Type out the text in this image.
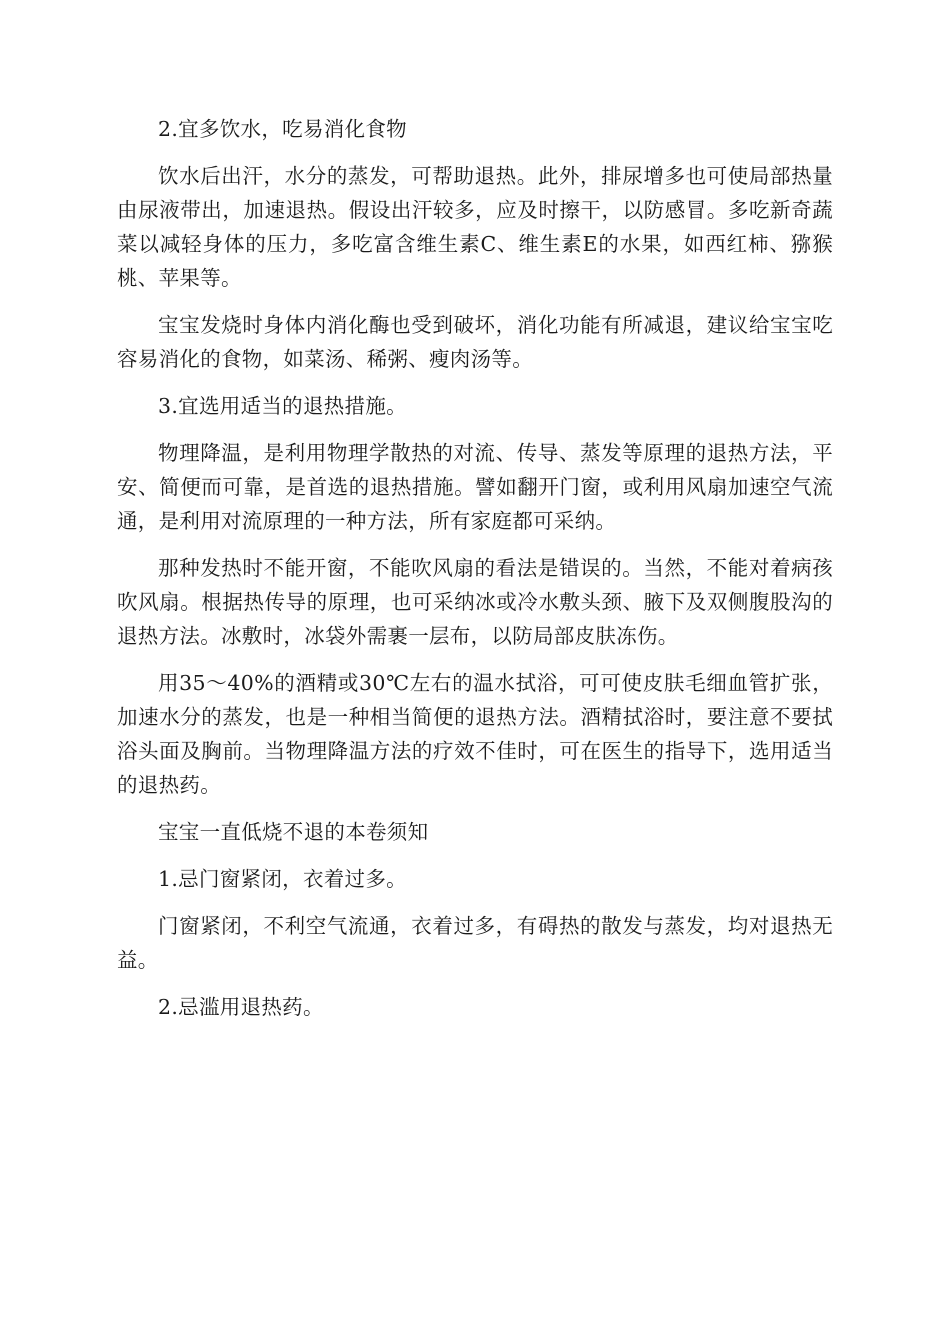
2.宜多饮水，吃易消化食物

饮水后出汗，水分的蒸发，可帮助退热。此外，排尿增多也可使局部热量由尿液带出，加速退热。假设出汗较多，应及时擦干，以防感冒。多吃新奇蔬菜以减轻身体的压力，多吃富含维生素C、维生素E的水果，如西红柿、猕猴桃、苹果等。

宝宝发烧时身体内消化酶也受到破坏，消化功能有所减退，建议给宝宝吃容易消化的食物，如菜汤、稀粥、瘦肉汤等。

3.宜选用适当的退热措施。

物理降温，是利用物理学散热的对流、传导、蒸发等原理的退热方法，平安、简便而可靠，是首选的退热措施。譬如翻开门窗，或利用风扇加速空气流通，是利用对流原理的一种方法，所有家庭都可采纳。

那种发热时不能开窗，不能吹风扇的看法是错误的。当然，不能对着病孩吹风扇。根据热传导的原理，也可采纳冰或冷水敷头颈、腋下及双侧腹股沟的退热方法。冰敷时，冰袋外需裹一层布，以防局部皮肤冻伤。

用35～40%的酒精或30℃左右的温水拭浴，可可使皮肤毛细血管扩张，加速水分的蒸发，也是一种相当简便的退热方法。酒精拭浴时，要注意不要拭浴头面及胸前。当物理降温方法的疗效不佳时，可在医生的指导下，选用适当的退热药。

宝宝一直低烧不退的本卷须知

1.忌门窗紧闭，衣着过多。

门窗紧闭，不利空气流通，衣着过多，有碍热的散发与蒸发，均对退热无益。

2.忌滥用退热药。
